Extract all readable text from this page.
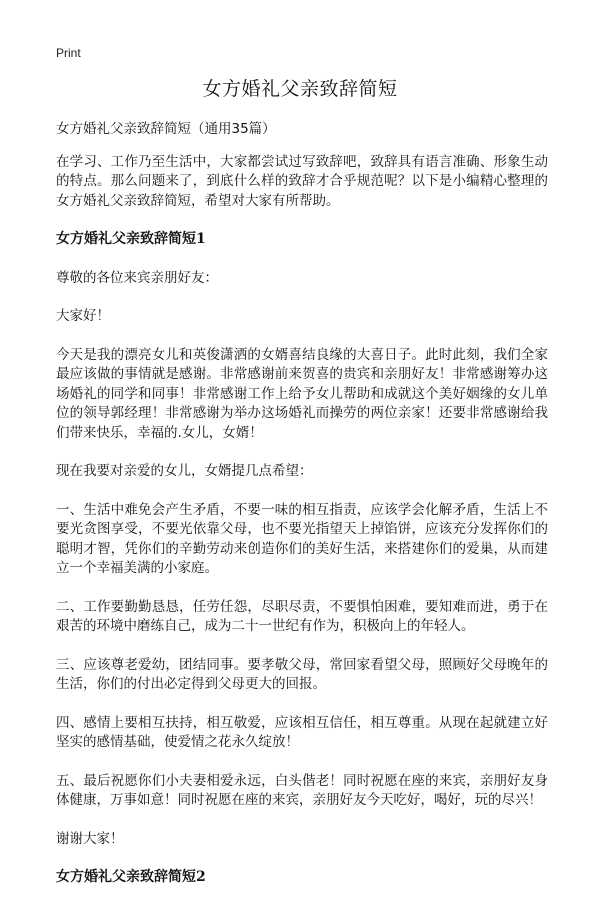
Print
女方婚礼父亲致辞简短

女方婚礼父亲致辞简短（通用35篇）

在学习、工作乃至生活中，大家都尝试过写致辞吧，致辞具有语言准确、形象生动的特点。那么问题来了，到底什么样的致辞才合乎规范呢？以下是小编精心整理的女方婚礼父亲致辞简短，希望对大家有所帮助。

女方婚礼父亲致辞简短1

尊敬的各位来宾亲朋好友：

大家好！

今天是我的漂亮女儿和英俊潇洒的女婿喜结良缘的大喜日子。此时此刻，我们全家最应该做的事情就是感谢。非常感谢前来贺喜的贵宾和亲朋好友！非常感谢筹办这场婚礼的同学和同事！非常感谢工作上给予女儿帮助和成就这个美好姻缘的女儿单位的领导郭经理！非常感谢为举办这场婚礼而操劳的两位亲家！还要非常感谢给我们带来快乐，幸福的.女儿，女婿！

现在我要对亲爱的女儿，女婿提几点希望：

一、生活中难免会产生矛盾，不要一味的相互指责，应该学会化解矛盾，生活上不要光贪图享受，不要光依靠父母，也不要光指望天上掉馅饼，应该充分发挥你们的聪明才智，凭你们的辛勤劳动来创造你们的美好生活，来搭建你们的爱巢，从而建立一个幸福美满的小家庭。

二、工作要勤勤恳恳，任劳任怨，尽职尽责，不要惧怕困难，要知难而进，勇于在艰苦的环境中磨练自己，成为二十一世纪有作为，积极向上的年轻人。

三、应该尊老爱幼，团结同事。要孝敬父母，常回家看望父母，照顾好父母晚年的生活，你们的付出必定得到父母更大的回报。

四、感情上要相互扶持，相互敬爱，应该相互信任，相互尊重。从现在起就建立好坚实的感情基础，使爱情之花永久绽放！

五、最后祝愿你们小夫妻相爱永远，白头偕老！同时祝愿在座的来宾，亲朋好友身体健康，万事如意！同时祝愿在座的来宾，亲朋好友今天吃好，喝好，玩的尽兴！

谢谢大家！

女方婚礼父亲致辞简短2
